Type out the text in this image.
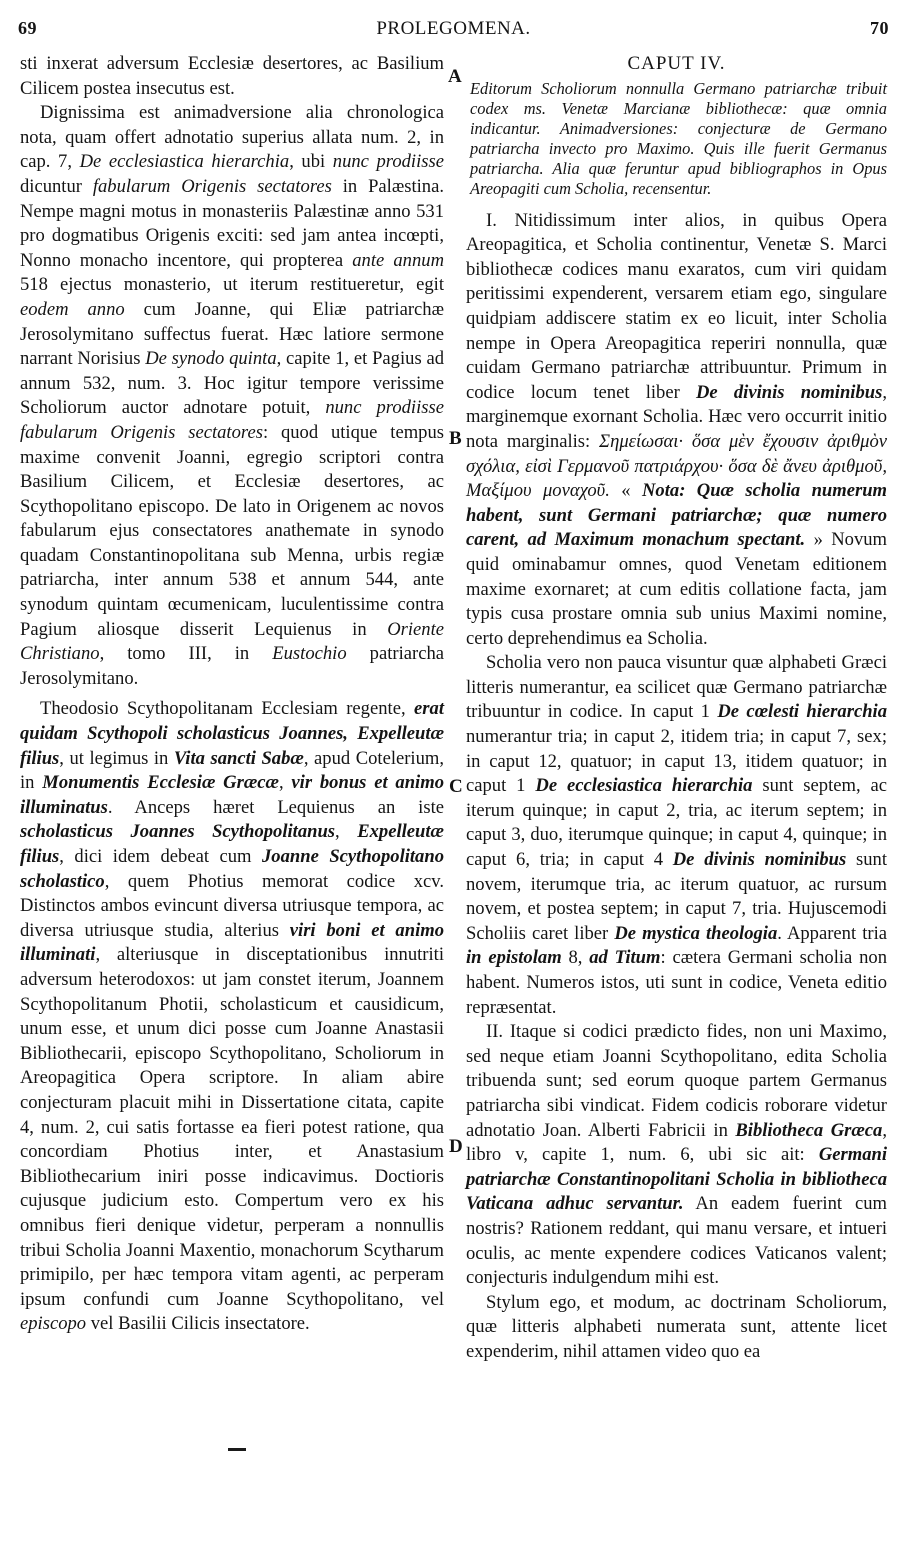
69	PROLEGOMENA.	70
A
B
C
D

sti inxerat adversum Ecclesiæ desertores, ac Basilium Cilicem postea insecutus est.

Dignissima est animadversione alia chronologica nota, quam offert adnotatio superius allata num. 2, in cap. 7, De ecclesiastica hierarchia, ubi nunc prodiisse dicuntur fabularum Origenis sectatores in Palæstina. Nempe magni motus in monasteriis Palæstinæ anno 531 pro dogmatibus Origenis exciti: sed jam antea incœpti, Nonno monacho incentore, qui propterea ante annum 518 ejectus monasterio, ut iterum restitueretur, egit eodem anno cum Joanne, qui Eliæ patriarchæ Jerosolymitano suffectus fuerat. Hæc latiore sermone narrant Norisius De synodo quinta, capite 1, et Pagius ad annum 532, num. 3. Hoc igitur tempore verissime Scholiorum auctor adnotare potuit, nunc prodiisse fabularum Origenis sectatores: quod utique tempus maxime convenit Joanni, egregio scriptori contra Basilium Cilicem, et Ecclesiæ desertores, ac Scythopolitano episcopo. De lato in Origenem ac novos fabularum ejus consectatores anathemate in synodo quadam Constantinopolitana sub Menna, urbis regiæ patriarcha, inter annum 538 et annum 544, ante synodum quintam œcumenicam, luculentissime contra Pagium aliosque disserit Lequienus in Oriente Christiano, tomo III, in Eustochio patriarcha Jerosolymitano.

Theodosio Scythopolitanam Ecclesiam regente, erat quidam Scythopoli scholasticus Joannes, Expelleutæ filius, ut legimus in Vita sancti Sabæ, apud Cotelerium, in Monumentis Ecclesiæ Græcæ, vir bonus et animo illuminatus. Anceps hæret Lequienus an iste scholasticus Joannes Scythopolitanus, Expelleutæ filius, dici idem debeat cum Joanne Scythopolitano scholastico, quem Photius memorat codice xcv. Distinctos ambos evincunt diversa utriusque tempora, ac diversa utriusque studia, alterius viri boni et animo illuminati, alteriusque in disceptationibus innutriti adversum heterodoxos: ut jam constet iterum, Joannem Scythopolitanum Photii, scholasticum et causidicum, unum esse, et unum dici posse cum Joanne Anastasii Bibliothecarii, episcopo Scythopolitano, Scholiorum in Areopagitica Opera scriptore. In aliam abire conjecturam placuit mihi in Dissertatione citata, capite 4, num. 2, cui satis fortasse ea fieri potest ratione, qua concordiam Photius inter, et Anastasium Bibliothecarium iniri posse indicavimus. Doctioris cujusque judicium esto. Compertum vero ex his omnibus fieri denique videtur, perperam a nonnullis tribui Scholia Joanni Maxentio, monachorum Scytharum primipilo, per hæc tempora vitam agenti, ac perperam ipsum confundi cum Joanne Scythopolitano, vel episcopo vel Basilii Cilicis insectatore.

CAPUT IV.
Editorum Scholiorum nonnulla Germano patriarchæ tribuit codex ms. Venetæ Marcianæ bibliothecæ: quæ omnia indicantur. Animadversiones: conjecturæ de Germano patriarcha invecto pro Maximo. Quis ille fuerit Germanus patriarcha. Alia quæ feruntur apud bibliographos in Opus Areopagiti cum Scholia, recensentur.

I. Nitidissimum inter alios, in quibus Opera Areopagitica, et Scholia continentur, Venetæ S. Marci bibliothecæ codices manu exaratos, cum viri quidam peritissimi expenderent, versarem etiam ego, singulare quidpiam addiscere statim ex eo licuit, inter Scholia nempe in Opera Areopagitica reperiri nonnulla, quæ cuidam Germano patriarchæ attribuuntur. Primum in codice locum tenet liber De divinis nominibus, marginemque exornant Scholia. Hæc vero occurrit initio nota marginalis: Σημείωσαι· ὅσα μὲν ἔχουσιν ἀριθμὸν σχόλια, εἰσὶ Γερμανοῦ πατριάρχου· ὅσα δὲ ἄνευ ἀριθμοῦ, Μαξίμου μοναχοῦ. « Nota: Quæ scholia numerum habent, sunt Germani patriarchæ; quæ numero carent, ad Maximum monachum spectant. » Novum quid ominabamur omnes, quod Venetam editionem maxime exornaret; at cum editis collatione facta, jam typis cusa prostare omnia sub unius Maximi nomine, certo deprehendimus ea Scholia.

Scholia vero non pauca visuntur quæ alphabeti Græci litteris numerantur, ea scilicet quæ Germano patriarchæ tribuuntur in codice. In caput 1 De cœlesti hierarchia numerantur tria; in caput 2, itidem tria; in caput 7, sex; in caput 12, quatuor; in caput 13, itidem quatuor; in caput 1 De ecclesiastica hierarchia sunt septem, ac iterum quinque; in caput 2, tria, ac iterum septem; in caput 3, duo, iterumque quinque; in caput 4, quinque; in caput 6, tria; in caput 4 De divinis nominibus sunt novem, iterumque tria, ac iterum quatuor, ac rursum novem, et postea septem; in caput 7, tria. Hujuscemodi Scholiis caret liber De mystica theologia. Apparent tria in epistolam 8, ad Titum: cætera Germani scholia non habent. Numeros istos, uti sunt in codice, Veneta editio repræsentat.

II. Itaque si codici prædicto fides, non uni Maximo, sed neque etiam Joanni Scythopolitano, edita Scholia tribuenda sunt; sed eorum quoque partem Germanus patriarcha sibi vindicat. Fidem codicis roborare videtur adnotatio Joan. Alberti Fabricii in Bibliotheca Græca, libro v, capite 1, num. 6, ubi sic ait: Germani patriarchæ Constantinopolitani Scholia in bibliotheca Vaticana adhuc servantur. An eadem fuerint cum nostris? Rationem reddant, qui manu versare, et intueri oculis, ac mente expendere codices Vaticanos valent; conjecturis indulgendum mihi est.

Stylum ego, et modum, ac doctrinam Scholiorum, quæ litteris alphabeti numerata sunt, attente licet expenderim, nihil attamen video quo ea
